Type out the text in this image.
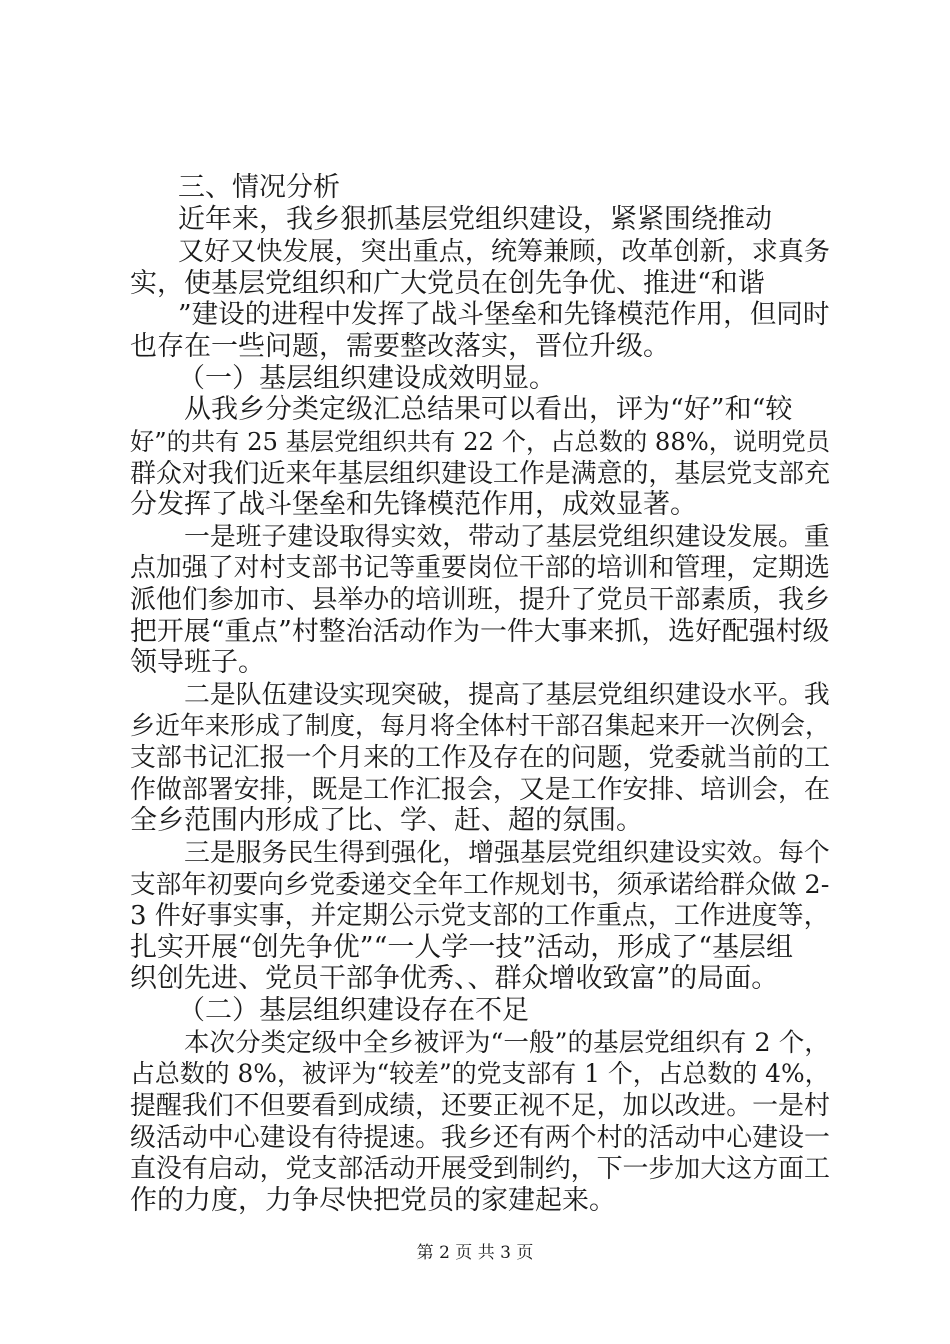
三、情况分析
近年来，我乡狠抓基层党组织建设，紧紧围绕推动
又好又快发展，突出重点，统筹兼顾，改革创新，求真务
实，使基层党组织和广大党员在创先争优、推进“和谐
”建设的进程中发挥了战斗堡垒和先锋模范作用，但同时
也存在一些问题，需要整改落实，晋位升级。
（一）基层组织建设成效明显。
从我乡分类定级汇总结果可以看出，评为“好”和“较
好”的共有 25 基层党组织共有 22 个，占总数的 88%，说明党员
群众对我们近来年基层组织建设工作是满意的，基层党支部充
分发挥了战斗堡垒和先锋模范作用，成效显著。
一是班子建设取得实效，带动了基层党组织建设发展。重
点加强了对村支部书记等重要岗位干部的培训和管理，定期选
派他们参加市、县举办的培训班，提升了党员干部素质，我乡
把开展“重点”村整治活动作为一件大事来抓，选好配强村级
领导班子。
二是队伍建设实现突破，提高了基层党组织建设水平。我
乡近年来形成了制度，每月将全体村干部召集起来开一次例会，
支部书记汇报一个月来的工作及存在的问题，党委就当前的工
作做部署安排，既是工作汇报会，又是工作安排、培训会，在
全乡范围内形成了比、学、赶、超的氛围。
三是服务民生得到强化，增强基层党组织建设实效。每个
支部年初要向乡党委递交全年工作规划书，须承诺给群众做 2-
3 件好事实事，并定期公示党支部的工作重点，工作进度等，
扎实开展“创先争优”“一人学一技”活动，形成了“基层组
织创先进、党员干部争优秀、、群众增收致富”的局面。
（二）基层组织建设存在不足
本次分类定级中全乡被评为“一般”的基层党组织有 2 个，
占总数的 8%，被评为“较差”的党支部有 1 个，占总数的 4%，
提醒我们不但要看到成绩，还要正视不足，加以改进。一是村
级活动中心建设有待提速。我乡还有两个村的活动中心建设一
直没有启动，党支部活动开展受到制约，下一步加大这方面工
作的力度，力争尽快把党员的家建起来。
第 2 页 共 3 页
